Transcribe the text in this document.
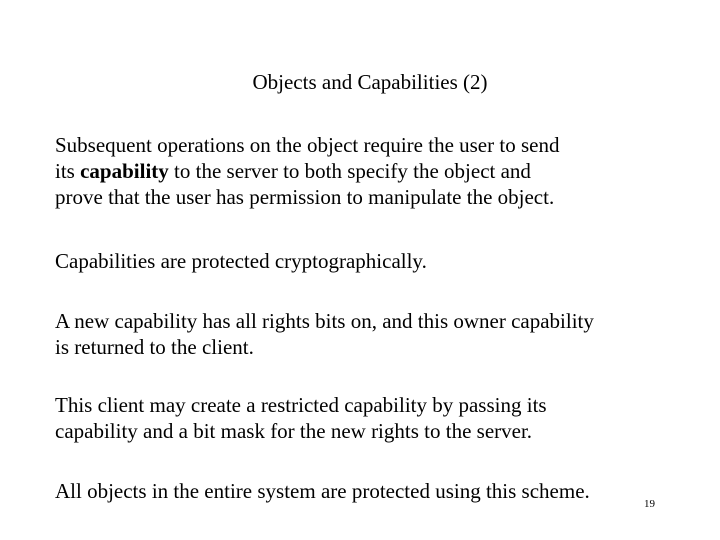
Objects and Capabilities (2)
Subsequent operations on the object require the user to send
its capability to the server to both specify the object and
prove that the user has permission to manipulate the object.
Capabilities are protected cryptographically.
A new capability has all rights bits on, and this owner capability
is returned to the client.
This client may create a restricted capability by passing its
capability and a bit mask for the new rights to the server.
All objects in the entire system are protected using this scheme.
19
